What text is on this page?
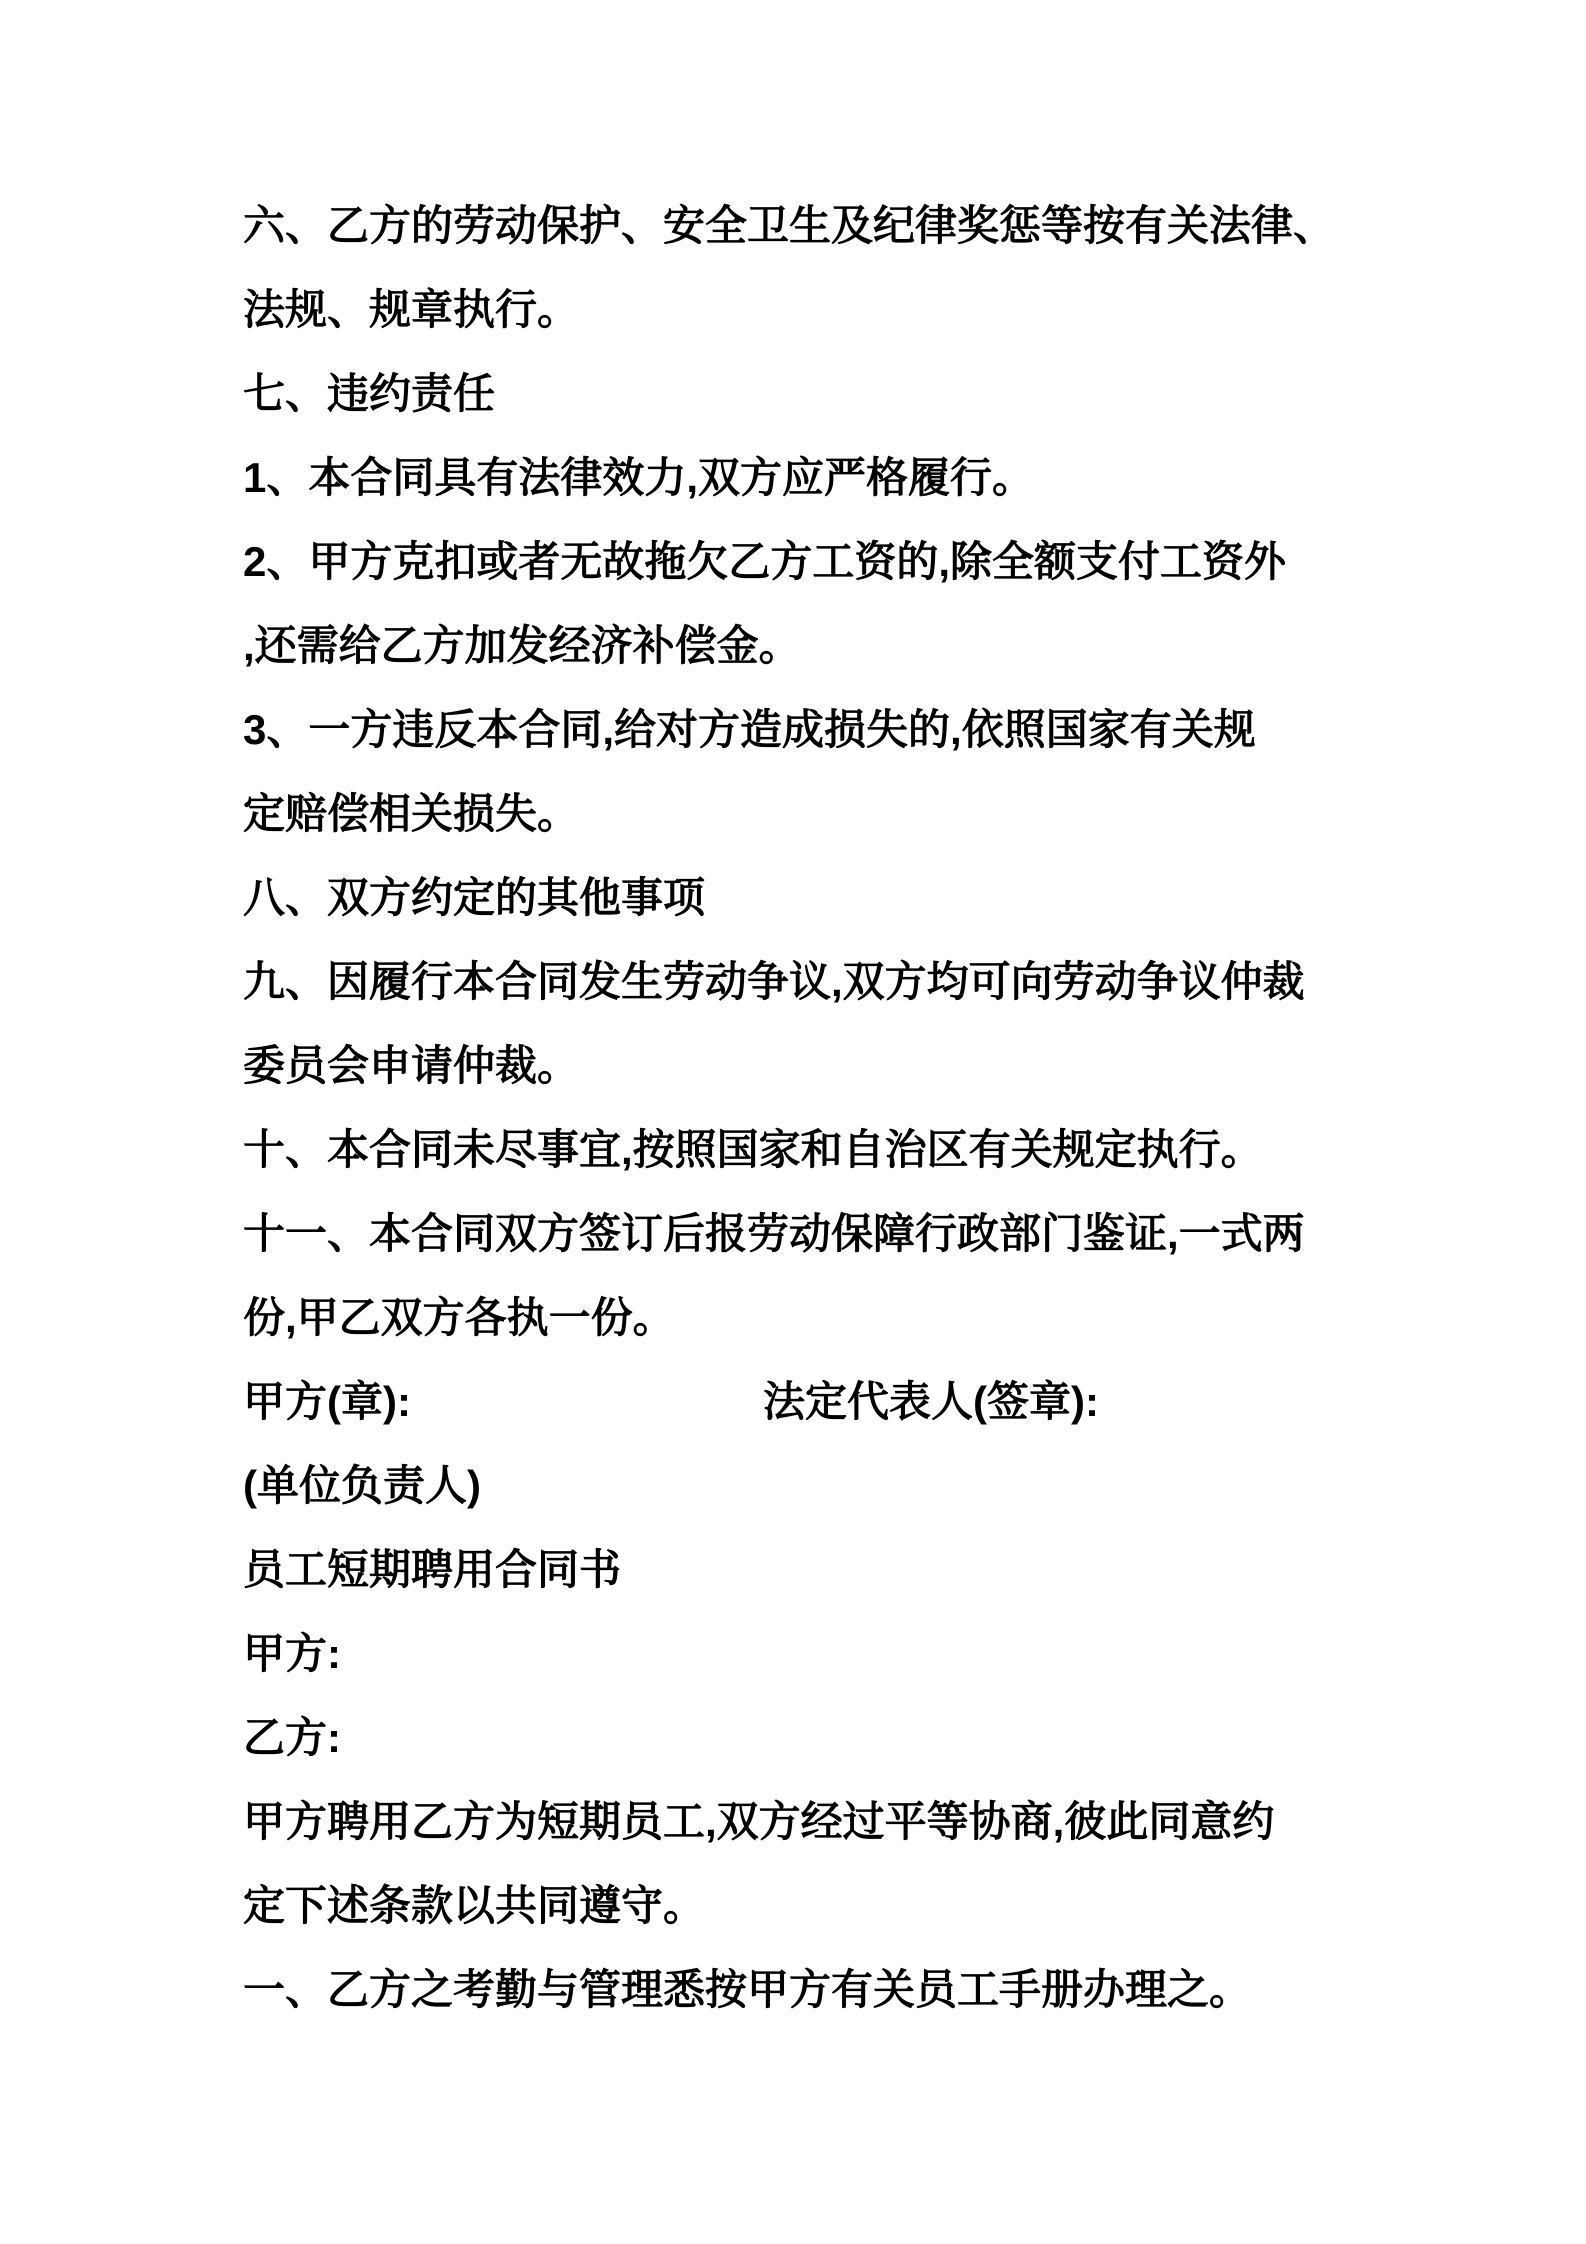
六、乙方的劳动保护、安全卫生及纪律奖惩等按有关法律、

法规、规章执行。

七、违约责任

1、本合同具有法律效力,双方应严格履行。

2、甲方克扣或者无故拖欠乙方工资的,除全额支付工资外

,还需给乙方加发经济补偿金。

3、一方违反本合同,给对方造成损失的,依照国家有关规

定赔偿相关损失。

八、双方约定的其他事项

九、因履行本合同发生劳动争议,双方均可向劳动争议仲裁

委员会申请仲裁。

十、本合同未尽事宜,按照国家和自治区有关规定执行。

十一、本合同双方签订后报劳动保障行政部门鉴证,一式两

份,甲乙双方各执一份。

甲方(章):	法定代表人(签章):

(单位负责人)

员工短期聘用合同书

甲方:

乙方:

甲方聘用乙方为短期员工,双方经过平等协商,彼此同意约

定下述条款以共同遵守。

一、乙方之考勤与管理悉按甲方有关员工手册办理之。
